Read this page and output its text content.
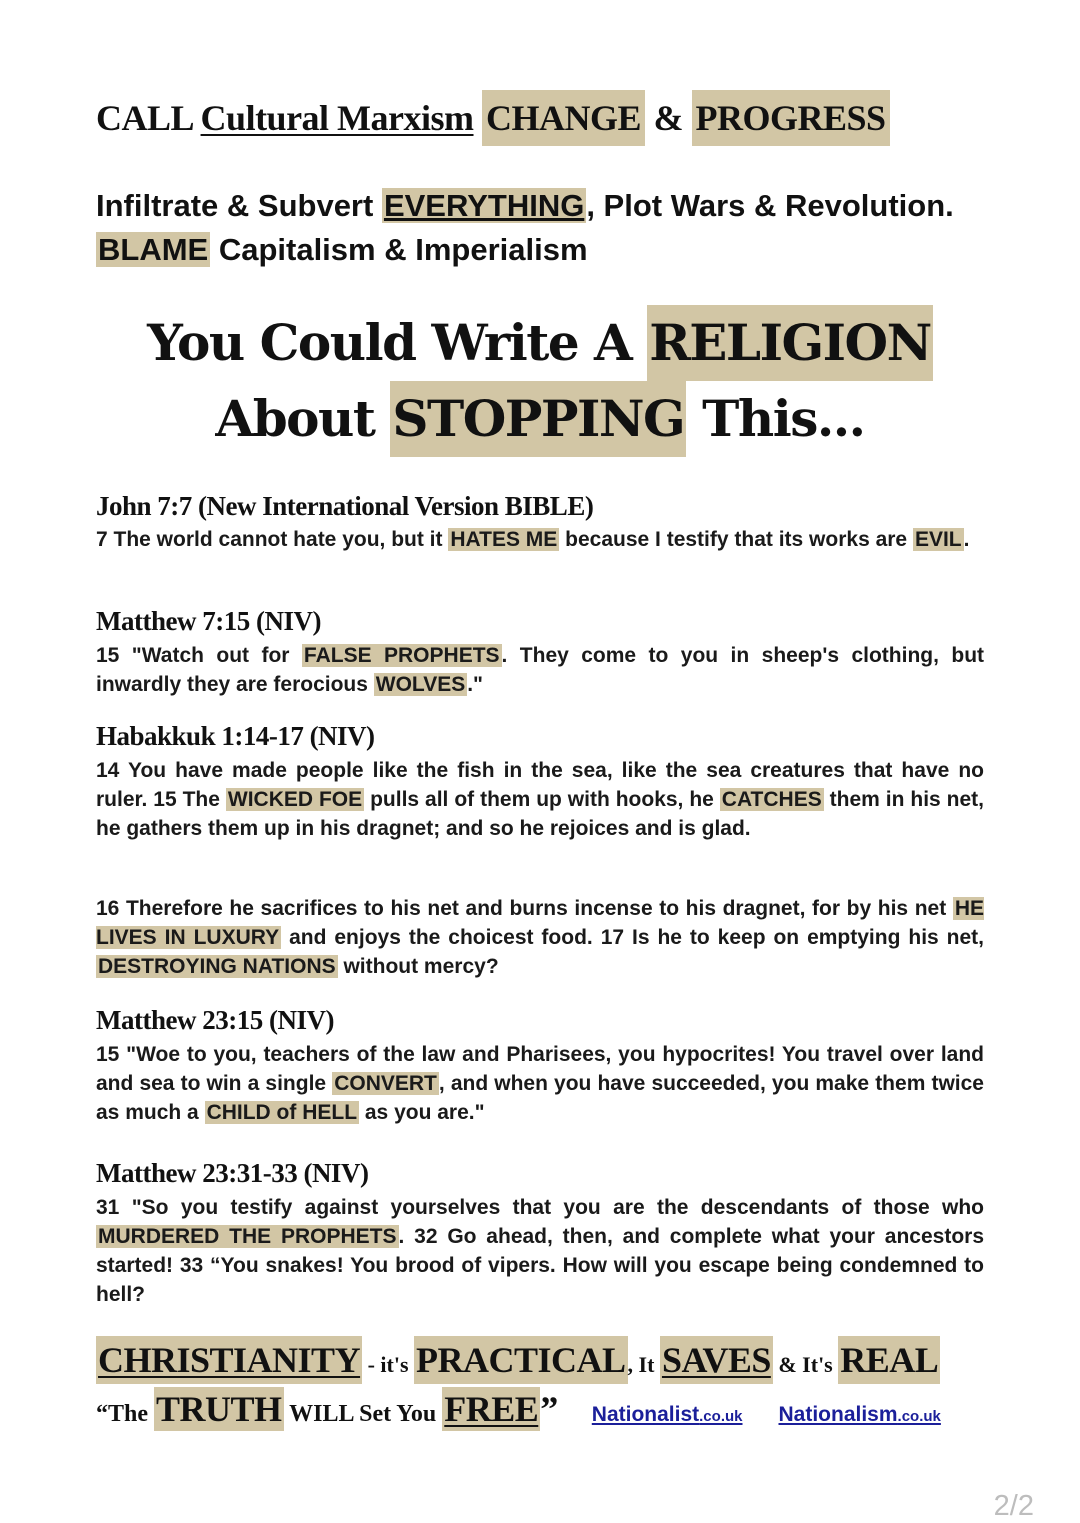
CALL Cultural Marxism CHANGE & PROGRESS
Infiltrate & Subvert EVERYTHING, Plot Wars & Revolution. BLAME Capitalism & Imperialism
You Could Write A RELIGION
About STOPPING This...
John 7:7 (New International Version BIBLE)
7 The world cannot hate you, but it HATES ME because I testify that its works are EVIL.
Matthew 7:15 (NIV)
15 "Watch out for FALSE PROPHETS. They come to you in sheep's clothing, but inwardly they are ferocious WOLVES."
Habakkuk 1:14-17 (NIV)
14 You have made people like the fish in the sea, like the sea creatures that have no ruler. 15 The WICKED FOE pulls all of them up with hooks, he CATCHES them in his net, he gathers them up in his dragnet; and so he rejoices and is glad.
16 Therefore he sacrifices to his net and burns incense to his dragnet, for by his net HE LIVES IN LUXURY and enjoys the choicest food. 17 Is he to keep on emptying his net, DESTROYING NATIONS without mercy?
Matthew 23:15 (NIV)
15 "Woe to you, teachers of the law and Pharisees, you hypocrites! You travel over land and sea to win a single CONVERT, and when you have succeeded, you make them twice as much a CHILD of HELL as you are."
Matthew 23:31-33 (NIV)
31 "So you testify against yourselves that you are the descendants of those who MURDERED THE PROPHETS. 32 Go ahead, then, and complete what your ancestors started! 33 “You snakes! You brood of vipers. How will you escape being condemned to hell?
CHRISTIANITY - it's PRACTICAL, It SAVES & It's REAL
“The TRUTH WILL Set You FREE” Nationalist.co.uk Nationalism.co.uk
2/2
